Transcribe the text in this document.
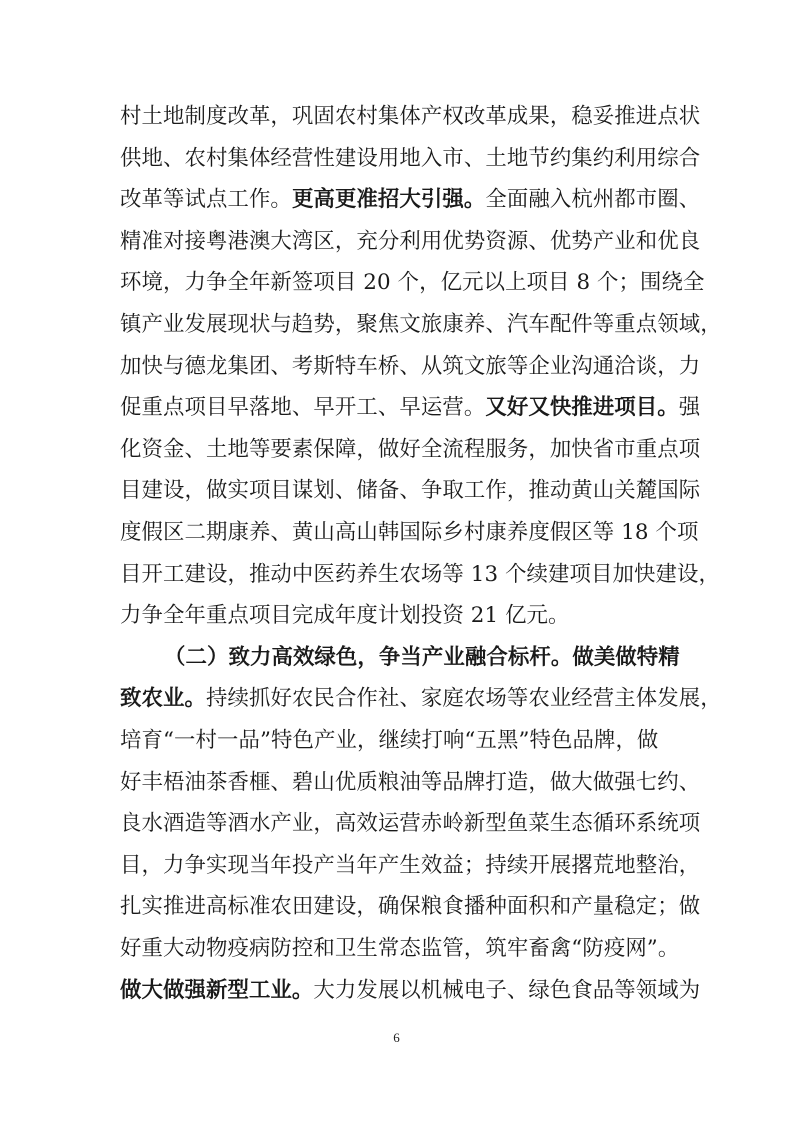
村土地制度改革，巩固农村集体产权改革成果，稳妥推进点状
供地、农村集体经营性建设用地入市、土地节约集约利用综合
改革等试点工作。更高更准招大引强。全面融入杭州都市圈、
精准对接粤港澳大湾区，充分利用优势资源、优势产业和优良
环境，力争全年新签项目 20 个，亿元以上项目 8 个；围绕全
镇产业发展现状与趋势，聚焦文旅康养、汽车配件等重点领域，
加快与德龙集团、考斯特车桥、从筑文旅等企业沟通洽谈，力
促重点项目早落地、早开工、早运营。又好又快推进项目。强
化资金、土地等要素保障，做好全流程服务，加快省市重点项
目建设，做实项目谋划、储备、争取工作，推动黄山关麓国际
度假区二期康养、黄山高山韩国际乡村康养度假区等 18 个项
目开工建设，推动中医药养生农场等 13 个续建项目加快建设，
力争全年重点项目完成年度计划投资 21 亿元。
（二）致力高效绿色，争当产业融合标杆。做美做特精
致农业。持续抓好农民合作社、家庭农场等农业经营主体发展，
培育“一村一品”特色产业，继续打响“五黑”特色品牌，做
好丰梧油茶香榧、碧山优质粮油等品牌打造，做大做强七约、
良水酒造等酒水产业，高效运营赤岭新型鱼菜生态循环系统项
目，力争实现当年投产当年产生效益；持续开展撂荒地整治，
扎实推进高标准农田建设，确保粮食播种面积和产量稳定；做
好重大动物疫病防控和卫生常态监管，筑牢畜禽“防疫网”。
做大做强新型工业。大力发展以机械电子、绿色食品等领域为
6
